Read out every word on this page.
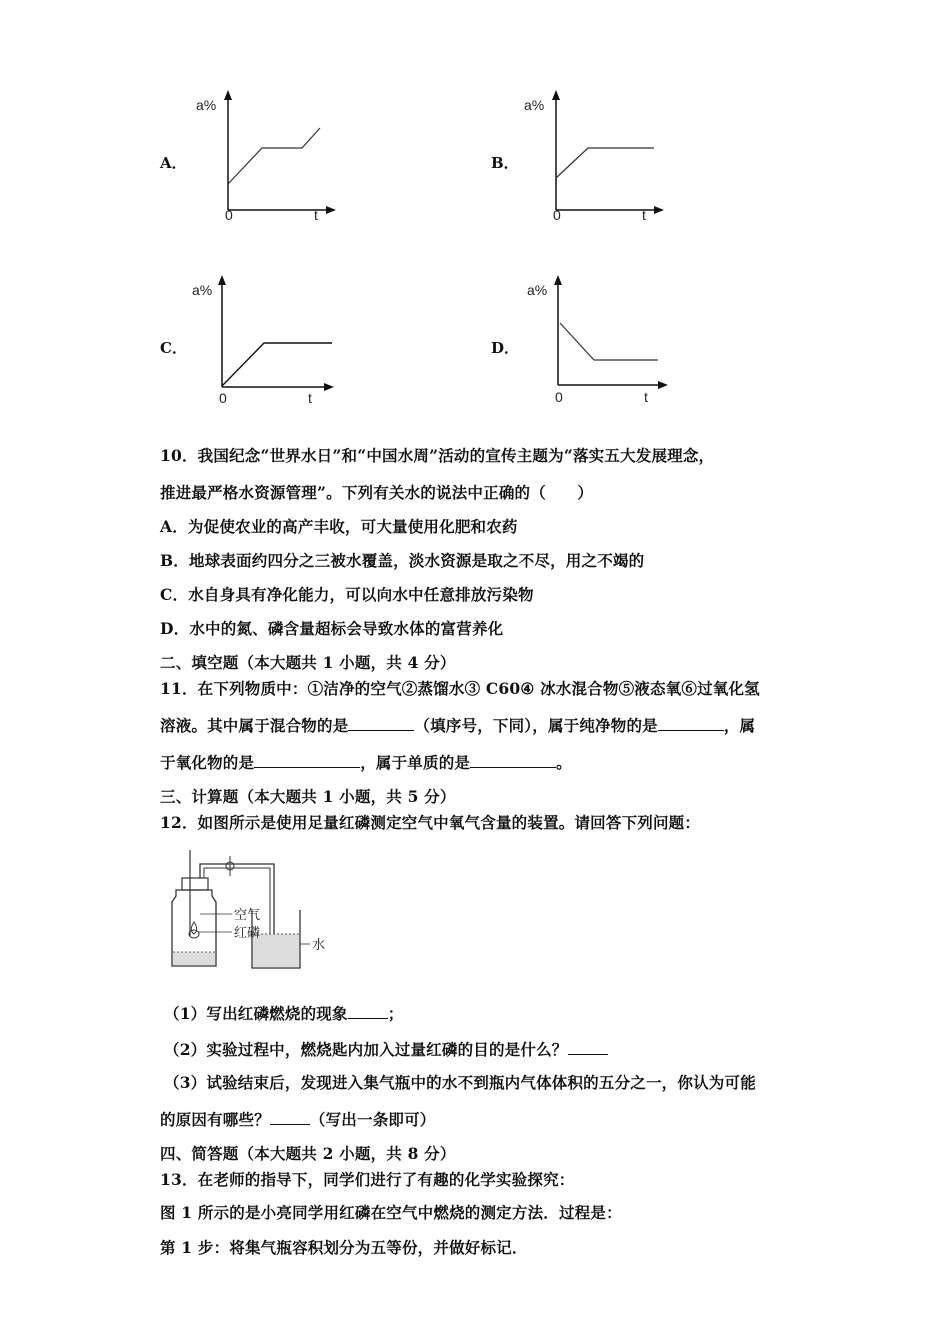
A．
a%
0	t
B．
a%
0	t
C．
a%
0	t
D．
a%
0	t
10．我国纪念“世界水日”和“中国水周”活动的宣传主题为“落实五大发展理念，
推进最严格水资源管理”。下列有关水的说法中正确的（　　）
A．为促使农业的高产丰收，可大量使用化肥和农药
B．地球表面约四分之三被水覆盖，淡水资源是取之不尽，用之不竭的
C．水自身具有净化能力，可以向水中任意排放污染物
D．水中的氮、磷含量超标会导致水体的富营养化
二、填空题（本大题共 1 小题，共 4 分）
11．在下列物质中：①洁净的空气②蒸馏水③ C60④ 冰水混合物⑤液态氧⑥过氧化氢
溶液。其中属于混合物的是	（填序号，下同），属于纯净物的是	，属
于氧化物的是	，属于单质的是	。
三、计算题（本大题共 1 小题，共 5 分）
12．如图所示是使用足量红磷测定空气中氧气含量的装置。请回答下列问题：
空气
红磷
水
（1）写出红磷燃烧的现象	；
（2）实验过程中，燃烧匙内加入过量红磷的目的是什么？
（3）试验结束后，发现进入集气瓶中的水不到瓶内气体体积的五分之一，你认为可能
的原因有哪些？	（写出一条即可）
四、简答题（本大题共 2 小题，共 8 分）
13．在老师的指导下，同学们进行了有趣的化学实验探究：
图 1 所示的是小亮同学用红磷在空气中燃烧的测定方法．过程是：
第 1 步：将集气瓶容积划分为五等份，并做好标记．
